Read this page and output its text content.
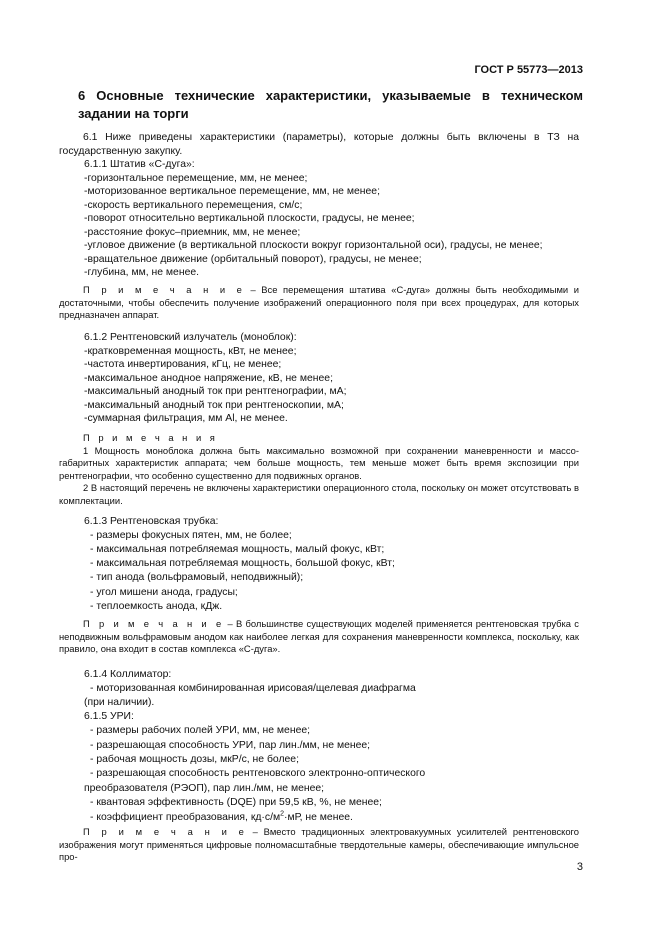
ГОСТ Р 55773—2013
6 Основные технические характеристики, указываемые в техническом задании на торги

6.1 Ниже приведены характеристики (параметры), которые должны быть включены в ТЗ на государственную закупку.

6.1.1 Штатив «С-дуга»:

-горизонтальное перемещение, мм, не менее;

-моторизованное вертикальное перемещение, мм, не менее;

-скорость вертикального перемещения, см/с;

-поворот относительно вертикальной плоскости, градусы, не менее;

-расстояние фокус–приемник, мм, не менее;

-угловое движение (в вертикальной плоскости вокруг горизонтальной оси), градусы, не менее;

-вращательное движение (орбитальный поворот), градусы, не менее;

-глубина, мм, не менее.

П р и м е ч а н и е – Все перемещения штатива «С-дуга» должны быть необходимыми и достаточными, чтобы обеспечить получение изображений операционного поля при всех процедурах, для которых предназначен аппарат.

6.1.2 Рентгеновский излучатель (моноблок):

-кратковременная мощность, кВт, не менее;

-частота инвертирования, кГц, не менее;

-максимальное анодное напряжение, кВ, не менее;

-максимальный анодный ток при рентгенографии, мА;

-максимальный анодный ток при рентгеноскопии, мА;

-суммарная фильтрация, мм Al, не менее.

П р и м е ч а н и я

1 Мощность моноблока должна быть максимально возможной при сохранении маневренности и массо-габаритных характеристик аппарата; чем больше мощность, тем меньше может быть время экспозиции при рентгенографии, что особенно существенно для подвижных органов.

2 В настоящий перечень не включены характеристики операционного стола, поскольку он может отсутствовать в комплектации.

6.1.3 Рентгеновская трубка:

- размеры фокусных пятен, мм, не более;

- максимальная потребляемая мощность, малый фокус, кВт;

- максимальная потребляемая мощность, большой фокус, кВт;

- тип анода (вольфрамовый, неподвижный);

- угол мишени анода, градусы;

- теплоемкость анода, кДж.

П р и м е ч а н и е – В большинстве существующих моделей применяется рентгеновская трубка с неподвижным вольфрамовым анодом как наиболее легкая для сохранения маневренности комплекса, поскольку, как правило, она входит в состав комплекса «С-дуга».

6.1.4 Коллиматор:

- моторизованная комбинированная ирисовая/щелевая диафрагма

(при наличии).

6.1.5 УРИ:

- размеры рабочих полей УРИ, мм, не менее;

- разрешающая способность УРИ, пар лин./мм, не менее;

- рабочая мощность дозы, мкР/с, не более;

- разрешающая способность рентгеновского электронно-оптического

преобразователя (РЭОП), пар лин./мм, не менее;

- квантовая эффективность (DQE) при 59,5 кВ, %, не менее;

- коэффициент преобразования, $кд\cdot с/м^2\cdot мР$, не менее.

П р и м е ч а н и е – Вместо традиционных электровакуумных усилителей рентгеновского изображения могут применяться цифровые полномасштабные твердотельные камеры, обеспечивающие импульсное про-

3
